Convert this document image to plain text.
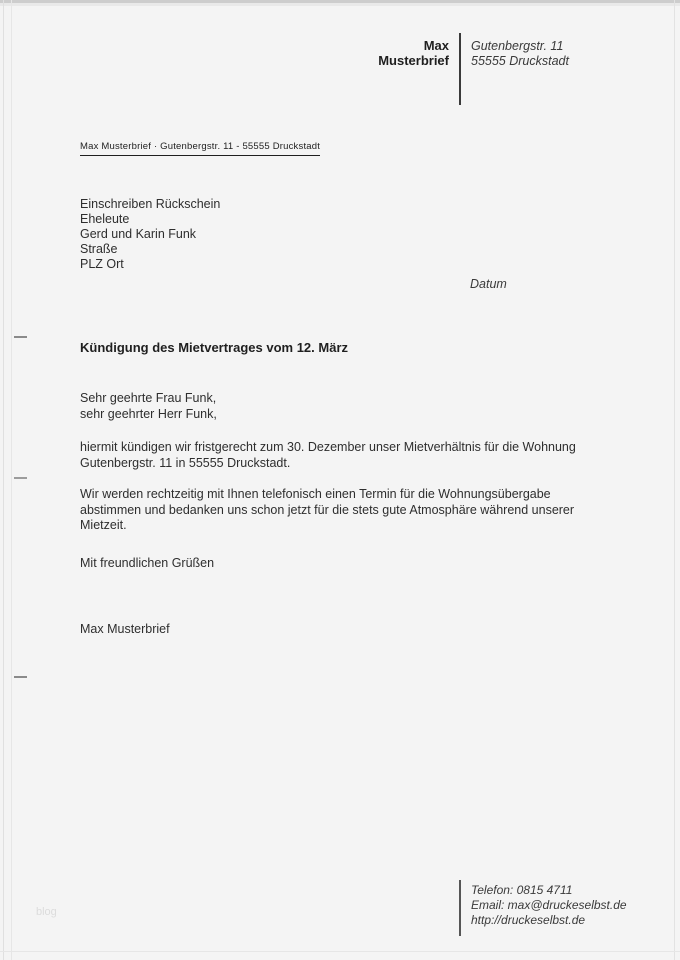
Max
Musterbrief
Gutenbergstr. 11
55555 Druckstadt
Max Musterbrief · Gutenbergstr. 11 - 55555 Druckstadt
Einschreiben Rückschein
Eheleute
Gerd und Karin Funk
Straße
PLZ Ort
Datum
Kündigung des Mietvertrages vom 12. März
Sehr geehrte Frau Funk,
sehr geehrter Herr Funk,
hiermit kündigen wir fristgerecht zum 30. Dezember unser Mietverhältnis für die Wohnung
Gutenbergstr. 11 in 55555 Druckstadt.
Wir werden rechtzeitig mit Ihnen telefonisch einen Termin für die Wohnungsübergabe
abstimmen und bedanken uns schon jetzt für die stets gute Atmosphäre während unserer
Mietzeit.
Mit freundlichen Grüßen
Max Musterbrief
Telefon: 0815 4711
Email: max@druckeselbst.de
http://druckeselbst.de
blog
